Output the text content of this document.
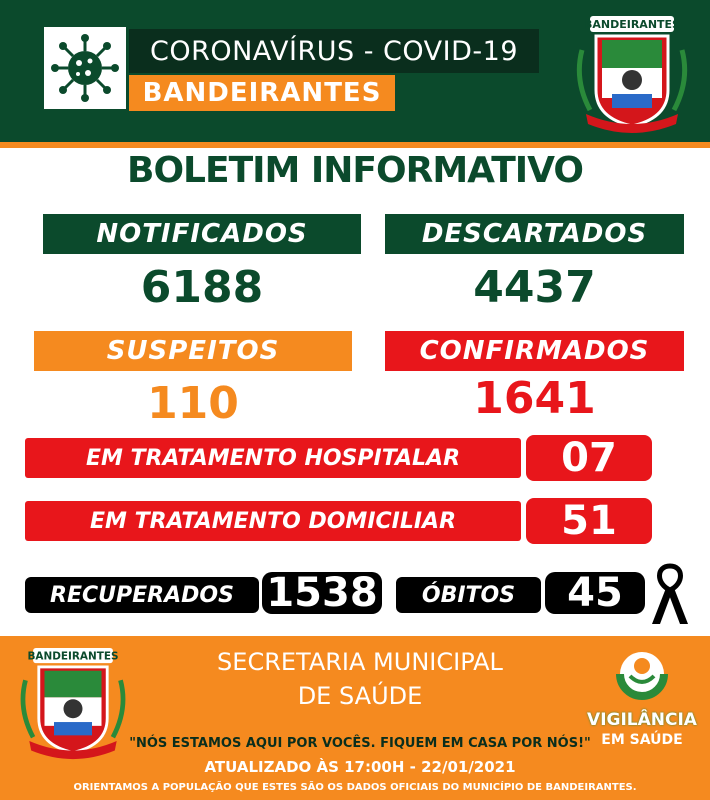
CORONAVÍRUS - COVID-19
BANDEIRANTES
BANDEIRANTES
BOLETIM INFORMATIVO
NOTIFICADOS	DESCARTADOS
6188	4437
SUSPEITOS	CONFIRMADOS
110	1641
EM TRATAMENTO HOSPITALAR	07
EM TRATAMENTO DOMICILIAR	51
RECUPERADOS 1538	ÓBITOS	45
BANDEIRANTES	SECRETARIA MUNICIPAL
DE SAÚDE
"NÓS ESTAMOS AQUI POR VOCÊS. FIQUEM EM CASA POR NÓS!"
ATUALIZADO ÀS 17:00H - 22/01/2021
ORIENTAMOS A POPULAÇÃO QUE ESTES SÃO OS DADOS OFICIAIS DO MUNICÍPIO DE BANDEIRANTES.
VIGILÂNCIA
EM SAÚDE
